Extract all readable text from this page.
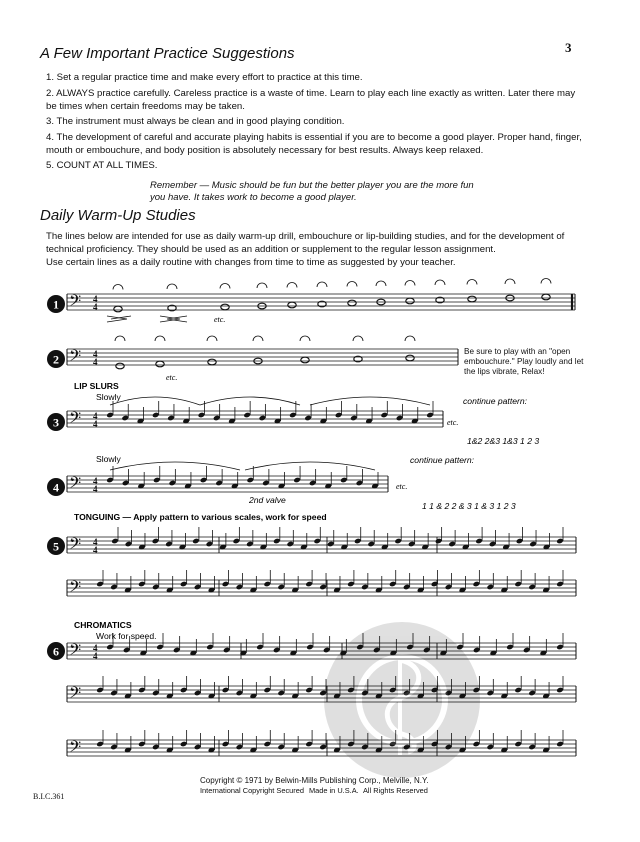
3
A Few Important Practice Suggestions
1. Set a regular practice time and make every effort to practice at this time.
2. ALWAYS practice carefully. Careless practice is a waste of time. Learn to play each line exactly as written. Later there may be times when certain freedoms may be taken.
3. The instrument must always be clean and in good playing condition.
4. The development of careful and accurate playing habits is essential if you are to become a good player. Proper hand, finger, mouth or embouchure, and body position is absolutely necessary for best results. Always keep relaxed.
5. COUNT AT ALL TIMES.
Remember — Music should be fun but the better player you are the more fun you have. It takes work to become a good player.
Daily Warm-Up Studies
The lines below are intended for use as daily warm-up drill, embouchure or lip-building studies, and for the development of technical proficiency. They should be used as an addition or supplement to the regular lesson assignment.
Use certain lines as a daily routine with changes from time to time as suggested by your teacher.
𝄢
𝄢
𝄢
𝄢
𝄢
𝄢
𝄢
𝄢
𝄢
4
4
4
4
4
4
4
4
4
4
4
4
1
2
3
4
5
6
etc.
etc.
etc.
etc.
LIP SLURS
Slowly
Slowly
continue pattern:
continue pattern:
1&2 2&3 1&3 1 2 3
1 1 & 2 2 & 3 1 & 3 1 2 3
2nd valve
TONGUING — Apply pattern to various scales, work for speed
CHROMATICS
Work for speed.
Be sure to play with an "open embouchure." Play loudly and let the lips vibrate, Relax!
Copyright © 1971 by Belwin-Mills Publishing Corp., Melville, N.Y.
International Copyright Secured Made in U.S.A. All Rights Reserved
B.I.C.361
